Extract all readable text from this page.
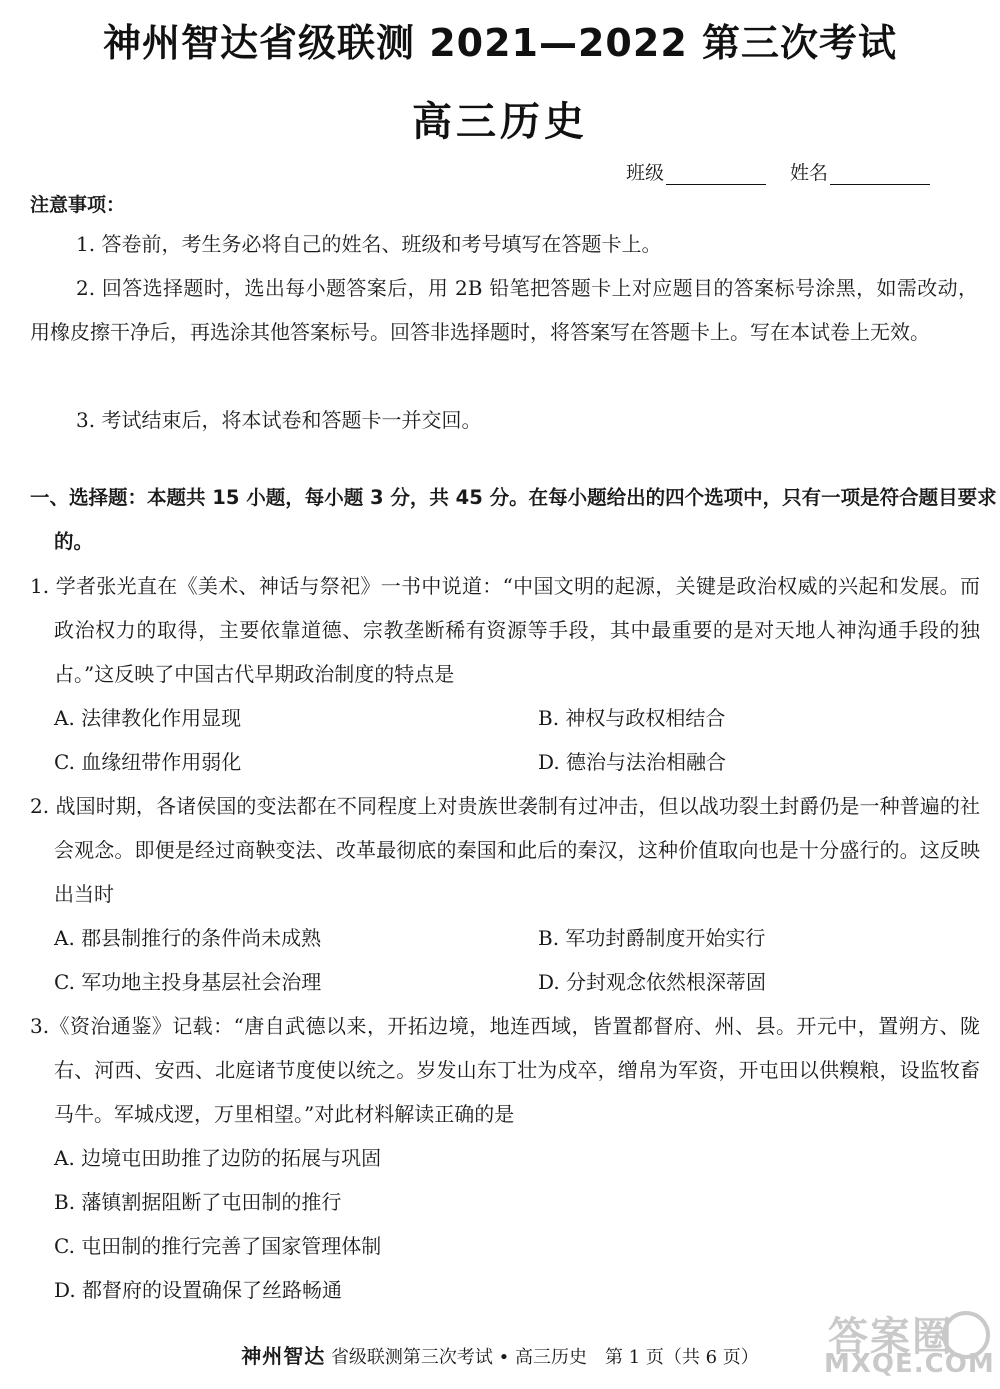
神州智达省级联测 2021—2022 第三次考试
高三历史
班级	姓名
注意事项：
1. 答卷前，考生务必将自己的姓名、班级和考号填写在答题卡上。
2. 回答选择题时，选出每小题答案后，用 2B 铅笔把答题卡上对应题目的答案标号涂黑，如需改动，用橡皮擦干净后，再选涂其他答案标号。回答非选择题时，将答案写在答题卡上。写在本试卷上无效。
3. 考试结束后，将本试卷和答题卡一并交回。
一、选择题：本题共 15 小题，每小题 3 分，共 45 分。在每小题给出的四个选项中，只有一项是符合题目要求的。
1. 学者张光直在《美术、神话与祭祀》一书中说道：“中国文明的起源，关键是政治权威的兴起和发展。而政治权力的取得，主要依靠道德、宗教垄断稀有资源等手段，其中最重要的是对天地人神沟通手段的独占。”这反映了中国古代早期政治制度的特点是
A. 法律教化作用显现	B. 神权与政权相结合
C. 血缘纽带作用弱化	D. 德治与法治相融合
2. 战国时期，各诸侯国的变法都在不同程度上对贵族世袭制有过冲击，但以战功裂土封爵仍是一种普遍的社会观念。即便是经过商鞅变法、改革最彻底的秦国和此后的秦汉，这种价值取向也是十分盛行的。这反映出当时
A. 郡县制推行的条件尚未成熟	B. 军功封爵制度开始实行
C. 军功地主投身基层社会治理	D. 分封观念依然根深蒂固
3.《资治通鉴》记载：“唐自武德以来，开拓边境，地连西域，皆置都督府、州、县。开元中，置朔方、陇右、河西、安西、北庭诸节度使以统之。岁发山东丁壮为戍卒，缯帛为军资，开屯田以供糗粮，设监牧畜马牛。军城戍逻，万里相望。”对此材料解读正确的是
A. 边境屯田助推了边防的拓展与巩固
B. 藩镇割据阻断了屯田制的推行
C. 屯田制的推行完善了国家管理体制
D. 都督府的设置确保了丝路畅通
神州智达 省级联测第三次考试 • 高三历史　第 1 页（共 6 页）	答案圈
MXQE.COM
